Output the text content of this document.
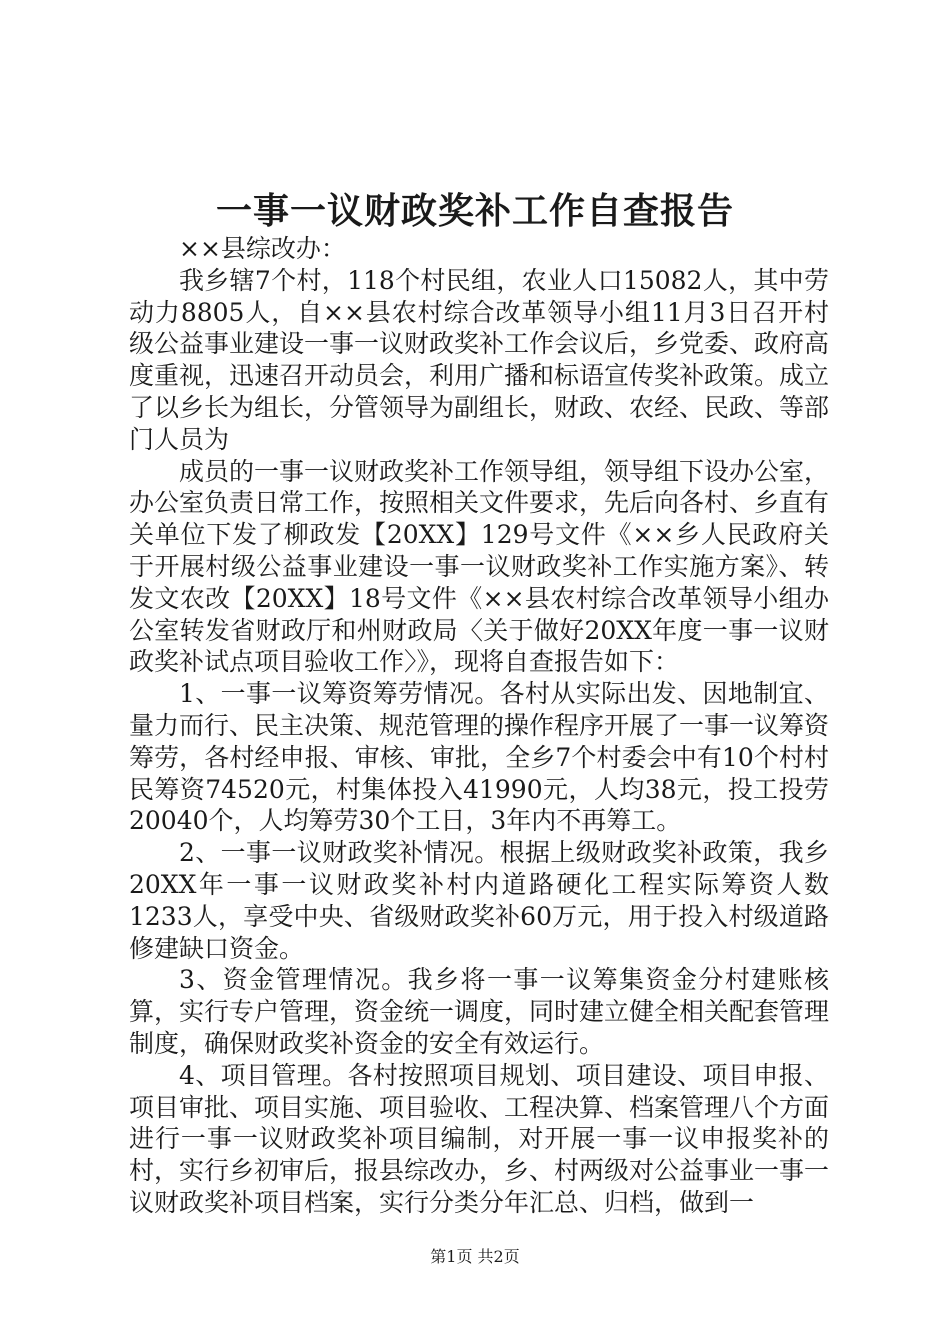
一事一议财政奖补工作自查报告

××县综改办：

我乡辖7个村，118个村民组，农业人口15082人，其中劳动力8805人，自××县农村综合改革领导小组11月3日召开村级公益事业建设一事一议财政奖补工作会议后，乡党委、政府高度重视，迅速召开动员会，利用广播和标语宣传奖补政策。成立了以乡长为组长，分管领导为副组长，财政、农经、民政、等部门人员为

成员的一事一议财政奖补工作领导组，领导组下设办公室，办公室负责日常工作，按照相关文件要求，先后向各村、乡直有关单位下发了柳政发【20XX】129号文件《××乡人民政府关于开展村级公益事业建设一事一议财政奖补工作实施方案》、转发文农改【20XX】18号文件《××县农村综合改革领导小组办公室转发省财政厅和州财政局〈关于做好20XX年度一事一议财政奖补试点项目验收工作〉》，现将自查报告如下：

1、一事一议筹资筹劳情况。各村从实际出发、因地制宜、量力而行、民主决策、规范管理的操作程序开展了一事一议筹资筹劳，各村经申报、审核、审批，全乡7个村委会中有10个村村民筹资74520元，村集体投入41990元，人均38元，投工投劳20040个，人均筹劳30个工日，3年内不再筹工。

2、一事一议财政奖补情况。根据上级财政奖补政策，我乡20XX年一事一议财政奖补村内道路硬化工程实际筹资人数1233人，享受中央、省级财政奖补60万元，用于投入村级道路修建缺口资金。

3、资金管理情况。我乡将一事一议筹集资金分村建账核算，实行专户管理，资金统一调度，同时建立健全相关配套管理制度，确保财政奖补资金的安全有效运行。

4、项目管理。各村按照项目规划、项目建设、项目申报、项目审批、项目实施、项目验收、工程决算、档案管理八个方面进行一事一议财政奖补项目编制，对开展一事一议申报奖补的村，实行乡初审后，报县综改办，乡、村两级对公益事业一事一议财政奖补项目档案，实行分类分年汇总、归档，做到一

第1页 共2页
